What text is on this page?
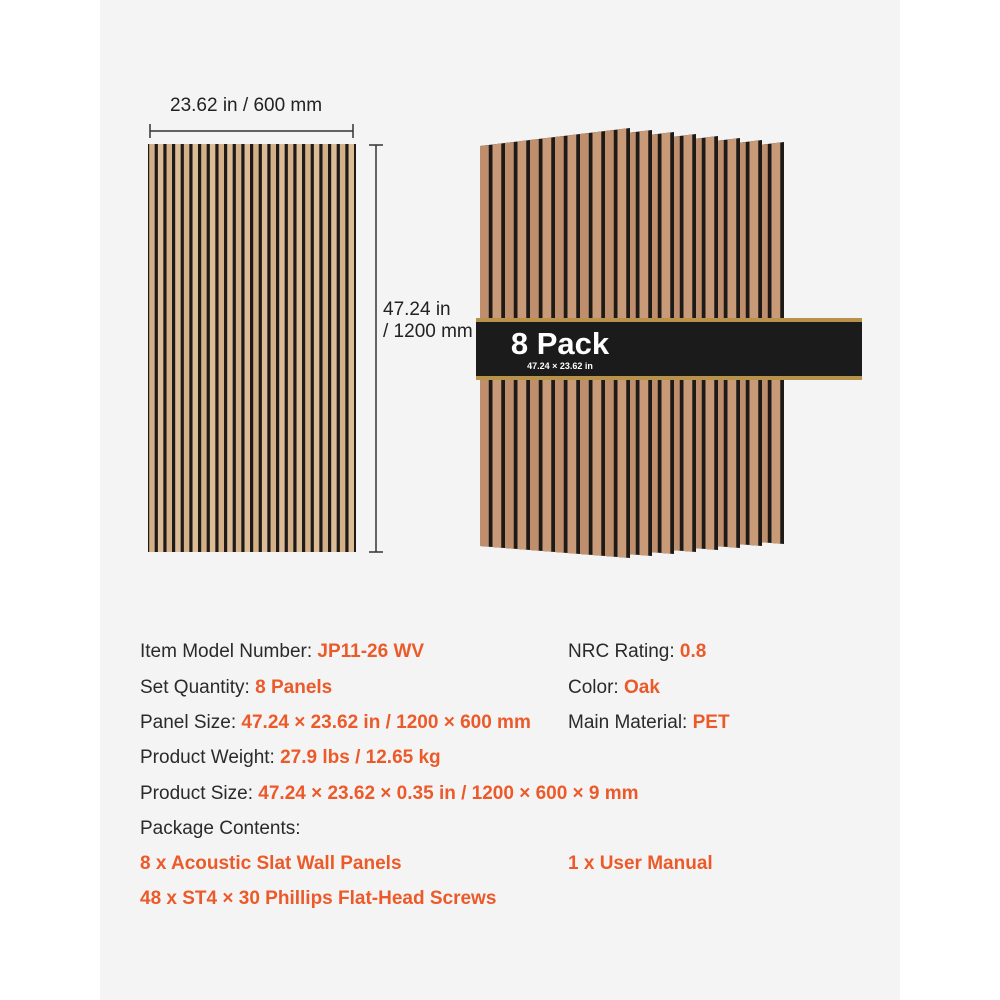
23.62 in / 600 mm
47.24 in
/ 1200 mm 8 Pack
47.24 × 23.62 in
Item Model Number: JP11-26 WV	NRC Rating: 0.8
Set Quantity: 8 Panels	Color: Oak
Panel Size: 47.24 × 23.62 in / 1200 × 600 mm Main Material: PET
Product Weight: 27.9 lbs / 12.65 kg
Product Size: 47.24 × 23.62 × 0.35 in / 1200 × 600 × 9 mm
Package Contents:
8 x Acoustic Slat Wall Panels	1 x User Manual
48 x ST4 × 30 Phillips Flat-Head Screws
